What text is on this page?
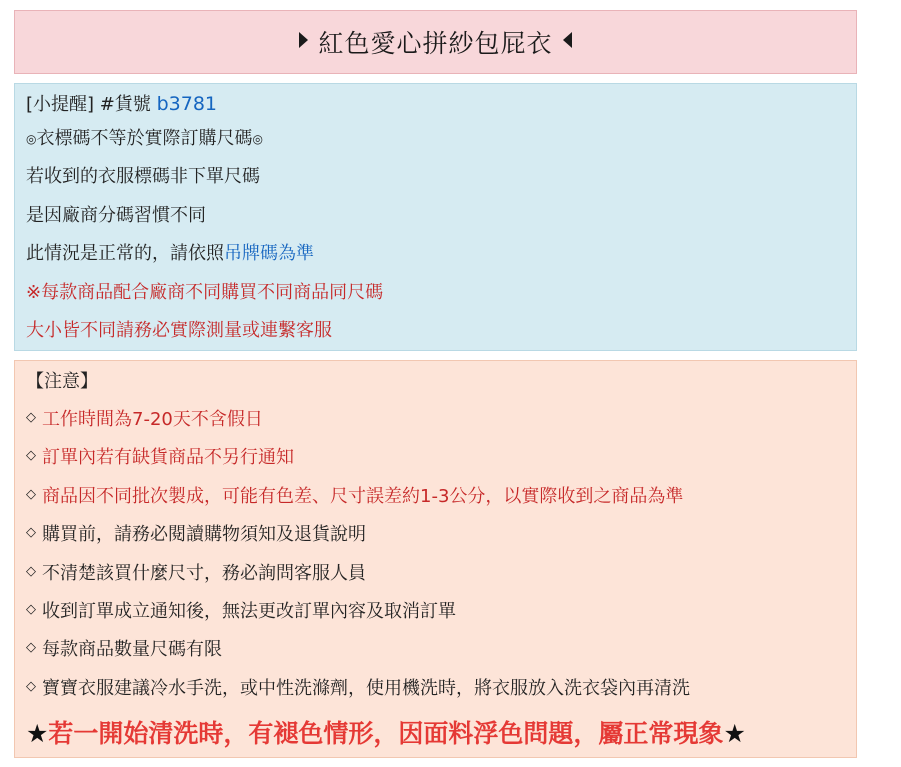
紅色愛心拼紗包屁衣
[小提醒] #貨號 b3781
◎衣標碼不等於實際訂購尺碼◎
若收到的衣服標碼非下單尺碼
是因廠商分碼習慣不同
此情況是正常的，請依照吊牌碼為準
※每款商品配合廠商不同購買不同商品同尺碼
大小皆不同請務必實際測量或連繫客服
【注意】
◇ 工作時間為7-20天不含假日
◇ 訂單內若有缺貨商品不另行通知
◇ 商品因不同批次製成，可能有色差、尺寸誤差約1-3公分，以實際收到之商品為準
◇ 購買前，請務必閱讀購物須知及退貨說明
◇ 不清楚該買什麼尺寸，務必詢問客服人員
◇ 收到訂單成立通知後，無法更改訂單內容及取消訂單
◇ 每款商品數量尺碼有限
◇ 寶寶衣服建議冷水手洗，或中性洗滌劑，使用機洗時，將衣服放入洗衣袋內再清洗
★若一開始清洗時，有褪色情形，因面料浮色問題，屬正常現象★
